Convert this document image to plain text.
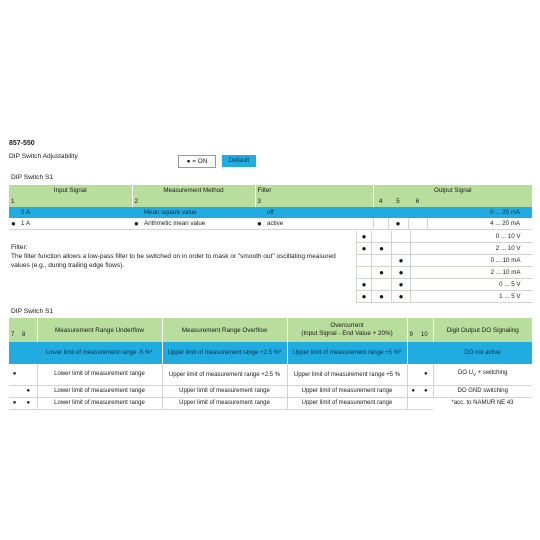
857-550
DIP Switch Adjustability
● = ON	Default
DIP Switch S1
Input Signal		Measurement Method		Filter		Output Signal			
1		2		3		4	5	6	
	5 A		Mean square value		off				0 ... 20 mA
●	1 A	●	Arithmetic mean value	●	active		●		4 ... 20 mA
●			0 ... 10 V
●	●		2 ... 10 V
		●	0 ... 10 mA
	●	●	2 ... 10 mA
●		●	0 ... 5 V
●	●	●	1 ... 5 V
Filter:
The filter function allows a low-pass filter to be switched on in order to mask or "smooth out" oscillating measured values (e.g., during trailing edge flows).
DIP Switch S1
7	8	Measurement Range Underflow	Measurement Range Overflow	Overcurrent
(Input Signal - End Value + 20%)	9	10	Digit Output DO Signaling
		Lower limit of measurement range -5 %*	Upper limit of measurement range +2.5 %*	Upper limit of measurement range +5 %*			DO not active
●		Lower limit of measurement range	Upper limit of measurement range +2.5 %	Upper limit of measurement range +5 %		●	DO $U_V$ + switching
	●	Lower limit of measurement range	Upper limit of measurement range	Upper limit of measurement range	●	●	DO GND switching
●	●	Lower limit of measurement range	Upper limit of measurement range	Upper limit of measurement range			*acc. to NAMUR NE 43
